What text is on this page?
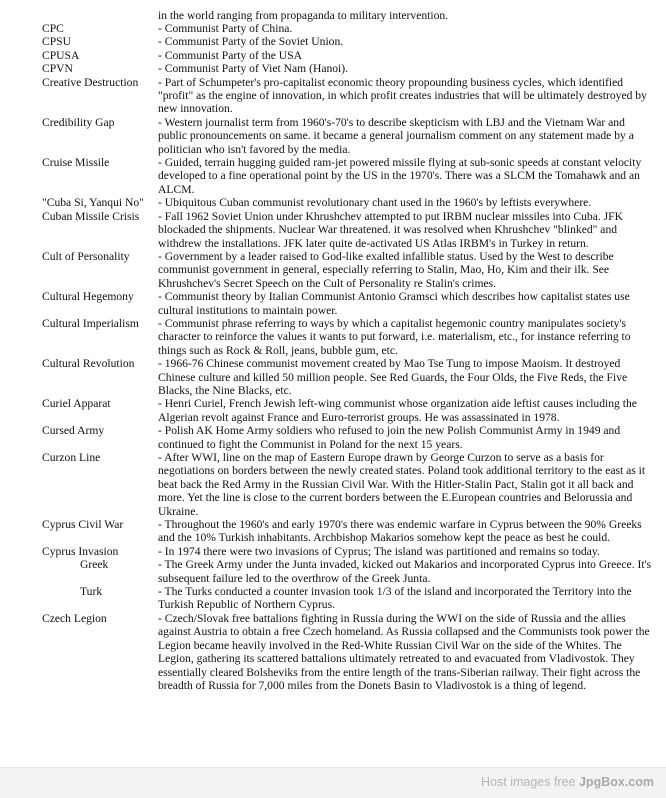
in the world ranging from propaganda to military intervention.
CPC	- Communist Party of China.
CPSU	- Communist Party of the Soviet Union.
CPUSA	- Communist Party of the USA
CPVN	- Communist Party of Viet Nam (Hanoi).
Creative Destruction	- Part of Schumpeter's pro-capitalist economic theory propounding business cycles, which identified "profit" as the engine of innovation, in which profit creates industries that will be ultimately destroyed by new innovation.
Credibility Gap	- Western journalist term from 1960's-70's to describe skepticism with LBJ and the Vietnam War and public pronouncements on same. it became a general journalism comment on any statement made by a politician who isn't favored by the media.
Cruise Missile	- Guided, terrain hugging guided ram-jet powered missile flying at sub-sonic speeds at constant velocity developed to a fine operational point by the US in the 1970's. There was a SLCM the Tomahawk and an ALCM.
"Cuba Si, Yanqui No"	- Ubiquitous Cuban communist revolutionary chant used in the 1960's by leftists everywhere.
Cuban Missile Crisis	- Fall 1962 Soviet Union under Khrushchev attempted to put IRBM nuclear missiles into Cuba. JFK blockaded the shipments. Nuclear War threatened. it was resolved when Khrushchev "blinked" and withdrew the installations. JFK later quite de-activated US Atlas IRBM's in Turkey in return.
Cult of Personality	- Government by a leader raised to God-like exalted infallible status. Used by the West to describe communist government in general, especially referring to Stalin, Mao, Ho, Kim and their ilk. See Khrushchev's Secret Speech on the Cult of Personality re Stalin's crimes.
Cultural Hegemony	- Communist theory by Italian Communist Antonio Gramsci which describes how capitalist states use cultural institutions to maintain power.
Cultural Imperialism	- Communist phrase referring to ways by which a capitalist hegemonic country manipulates society's character to reinforce the values it wants to put forward, i.e. materialism, etc., for instance referring to things such as Rock & Roll, jeans, bubble gum, etc.
Cultural Revolution	- 1966-76 Chinese communist movement created by Mao Tse Tung to impose Maoism. It destroyed Chinese culture and killed 50 million people. See Red Guards, the Four Olds, the Five Reds, the Five Blacks, the Nine Blacks, etc.
Curiel Apparat	- Henri Curiel, French Jewish left-wing communist whose organization aide leftist causes including the Algerian revolt against France and Euro-terrorist groups. He was assassinated in 1978.
Cursed Army	- Polish AK Home Army soldiers who refused to join the new Polish Communist Army in 1949 and continued to fight the Communist in Poland for the next 15 years.
Curzon Line	- After WWI, line on the map of Eastern Europe drawn by George Curzon to serve as a basis for negotiations on borders between the newly created states. Poland took additional territory to the east as it beat back the Red Army in the Russian Civil War. With the Hitler-Stalin Pact, Stalin got it all back and more. Yet the line is close to the current borders between the E.European countries and Belorussia and Ukraine.
Cyprus Civil War	- Throughout the 1960's and early 1970's there was endemic warfare in Cyprus between the 90% Greeks and the 10% Turkish inhabitants. Archbishop Makarios somehow kept the peace as best he could.
Cyprus Invasion	- In 1974 there were two invasions of Cyprus; The island was partitioned and remains so today.
Greek	- The Greek Army under the Junta invaded, kicked out Makarios and incorporated Cyprus into Greece. It's subsequent failure led to the overthrow of the Greek Junta.
Turk	- The Turks conducted a counter invasion took 1/3 of the island and incorporated the Territory into the Turkish Republic of Northern Cyprus.
Czech Legion	- Czech/Slovak free battalions fighting in Russia during the WWI on the side of Russia and the allies against Austria to obtain a free Czech homeland. As Russia collapsed and the Communists took power the Legion became heavily involved in the Red-White Russian Civil War on the side of the Whites. The Legion, gathering its scattered battalions ultimately retreated to and evacuated from Vladivostok. They essentially cleared Bolsheviks from the entire length of the trans-Siberian railway. Their fight across the breadth of Russia for 7,000 miles from the Donets Basin to Vladivostok is a thing of legend.
Host images free JpgBox.com
